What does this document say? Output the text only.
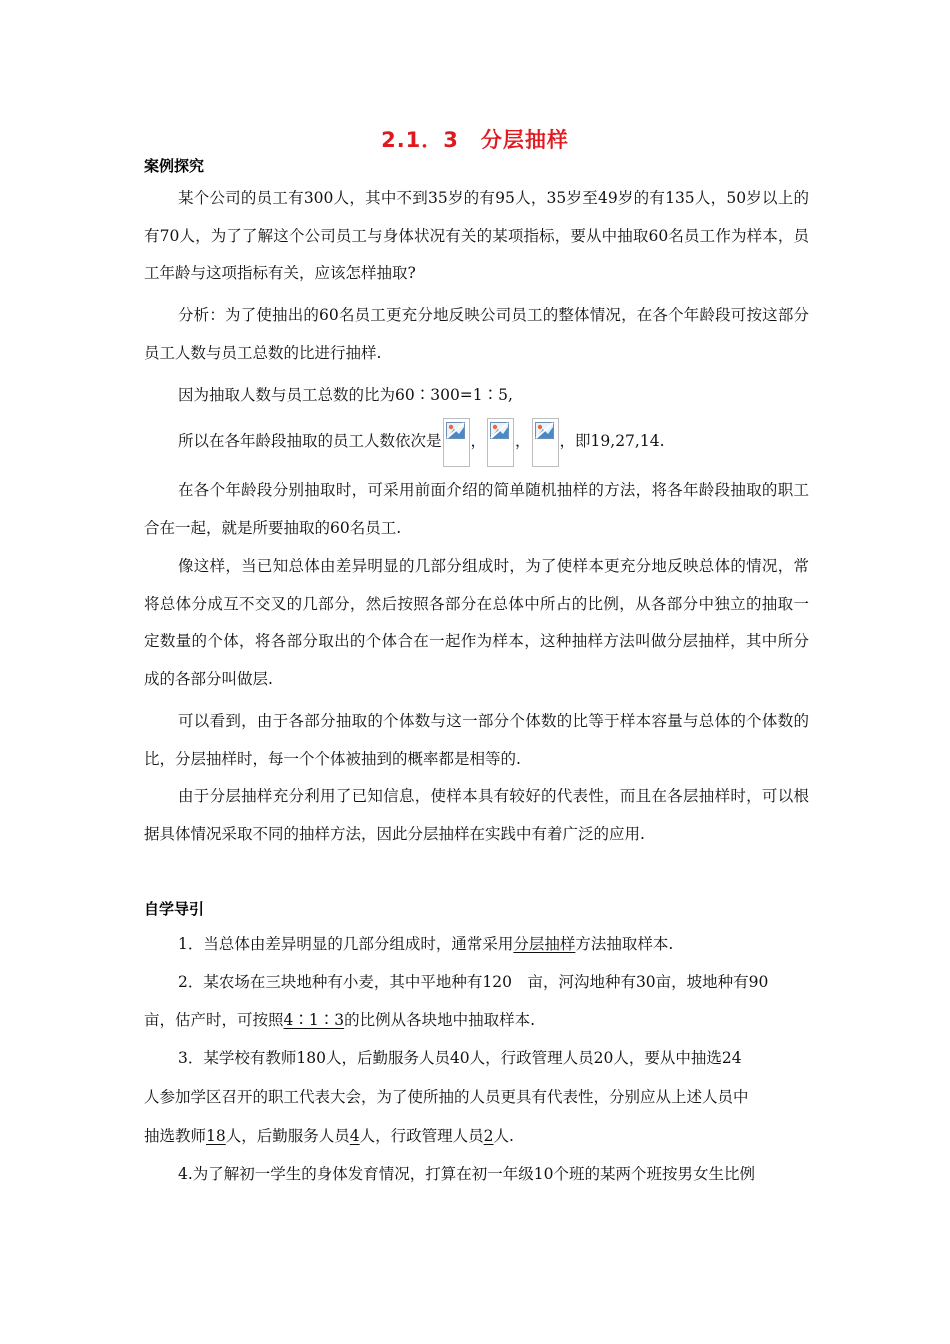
2.1．3　分层抽样
案例探究
某个公司的员工有300人，其中不到35岁的有95人，35岁至49岁的有135人，50岁以上的有70人，为了了解这个公司员工与身体状况有关的某项指标，要从中抽取60名员工作为样本，员工年龄与这项指标有关，应该怎样抽取?
分析：为了使抽出的60名员工更充分地反映公司员工的整体情况，在各个年龄段可按这部分员工人数与员工总数的比进行抽样.
因为抽取人数与员工总数的比为60∶300=1∶5,
所以在各年龄段抽取的员工人数依次是 ， ， ，即19,27,14.
在各个年龄段分别抽取时，可采用前面介绍的简单随机抽样的方法，将各年龄段抽取的职工合在一起，就是所要抽取的60名员工.
像这样，当已知总体由差异明显的几部分组成时，为了使样本更充分地反映总体的情况，常将总体分成互不交叉的几部分，然后按照各部分在总体中所占的比例，从各部分中独立的抽取一定数量的个体，将各部分取出的个体合在一起作为样本，这种抽样方法叫做分层抽样，其中所分成的各部分叫做层.
可以看到，由于各部分抽取的个体数与这一部分个体数的比等于样本容量与总体的个体数的比，分层抽样时，每一个个体被抽到的概率都是相等的.
由于分层抽样充分利用了已知信息，使样本具有较好的代表性，而且在各层抽样时，可以根据具体情况采取不同的抽样方法，因此分层抽样在实践中有着广泛的应用.
自学导引
1．当总体由差异明显的几部分组成时，通常采用分层抽样方法抽取样本.
2．某农场在三块地种有小麦，其中平地种有120　亩，河沟地种有30亩，坡地种有90
亩，估产时，可按照4∶1∶3的比例从各块地中抽取样本.
3．某学校有教师180人，后勤服务人员40人，行政管理人员20人，要从中抽选24
人参加学区召开的职工代表大会，为了使所抽的人员更具有代表性，分别应从上述人员中
抽选教师18人，后勤服务人员4人，行政管理人员2人.
4.为了解初一学生的身体发育情况，打算在初一年级10个班的某两个班按男女生比例
